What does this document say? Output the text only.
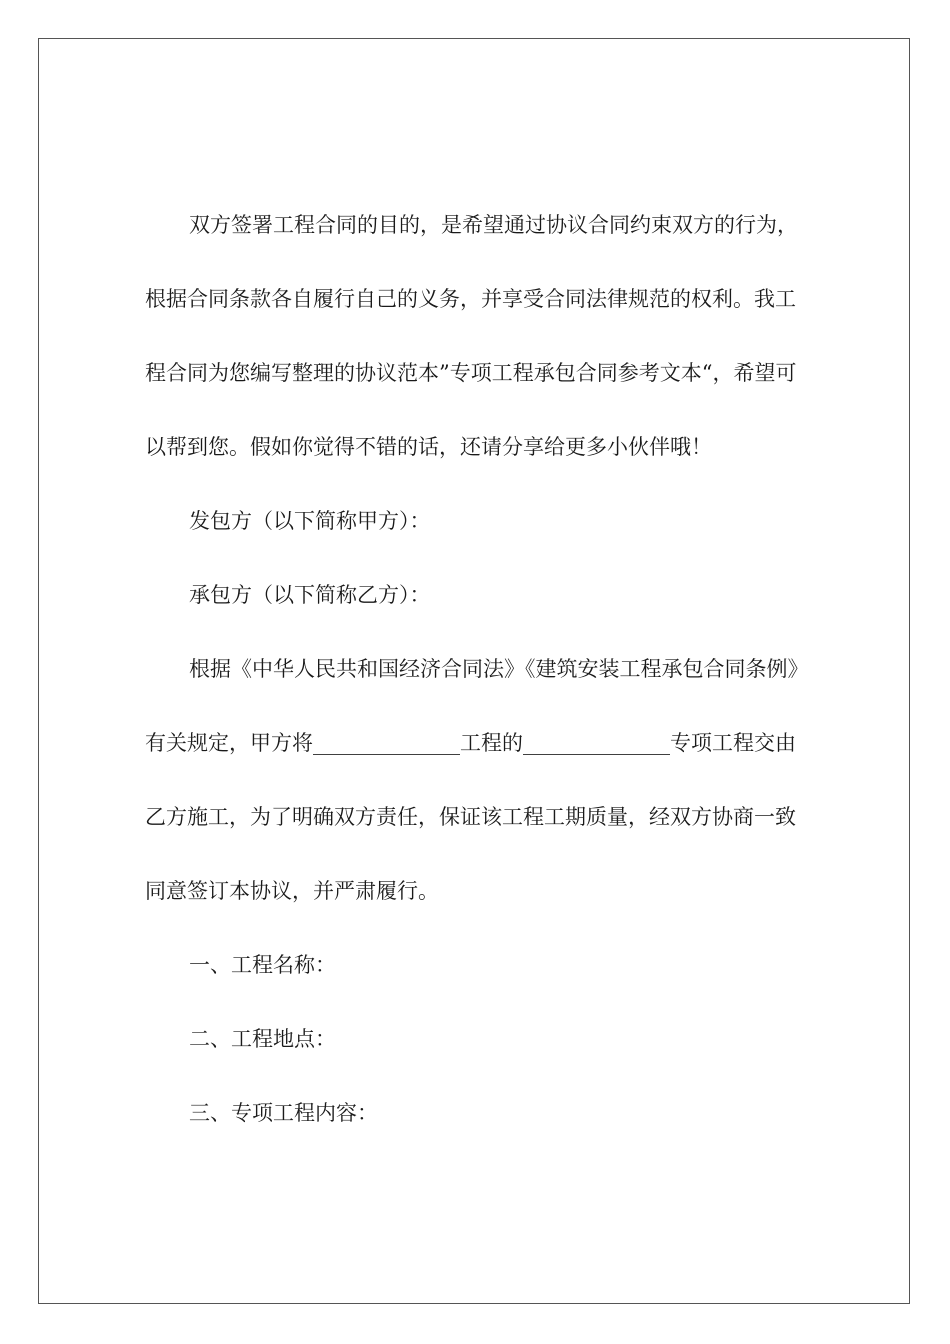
双方签署工程合同的目的，是希望通过协议合同约束双方的行为，根据合同条款各自履行自己的义务，并享受合同法律规范的权利。我工程合同为您编写整理的协议范本”专项工程承包合同参考文本“，希望可以帮到您。假如你觉得不错的话，还请分享给更多小伙伴哦！

发包方（以下简称甲方）：

承包方（以下简称乙方）：

根据《中华人民共和国经济合同法》《建筑安装工程承包合同条例》有关规定，甲方将______________工程的______________专项工程交由乙方施工，为了明确双方责任，保证该工程工期质量，经双方协商一致同意签订本协议，并严肃履行。

一、工程名称：

二、工程地点：

三、专项工程内容：
